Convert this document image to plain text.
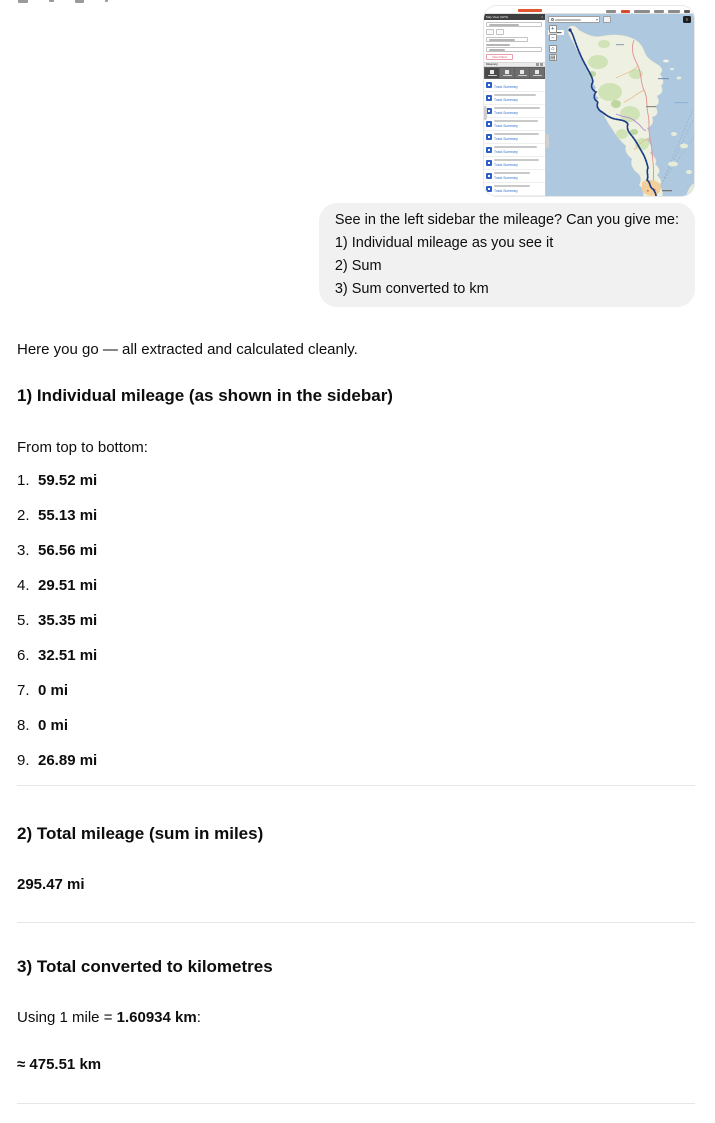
Map View (GPS)	×
Clear Filters
Itinerary
Track Summary
Track Summary
Track Summary
Track Summary
Track Summary
Track Summary
Track Summary
Track Summary
Track Summary
+
−
⌂
▤
≡
See in the left sidebar the mileage? Can you give me:
1) Individual mileage as you see it
2) Sum
3) Sum converted to km

Here you go — all extracted and calculated cleanly.

1) Individual mileage (as shown in the sidebar)

From top to bottom:

1. 59.52 mi
2. 55.13 mi
3. 56.56 mi
4. 29.51 mi
5. 35.35 mi
6. 32.51 mi
7. 0 mi
8. 0 mi
9. 26.89 mi
2) Total mileage (sum in miles)

295.47 mi

3) Total converted to kilometres

Using 1 mile = 1.60934 km:

≈ 475.51 km
